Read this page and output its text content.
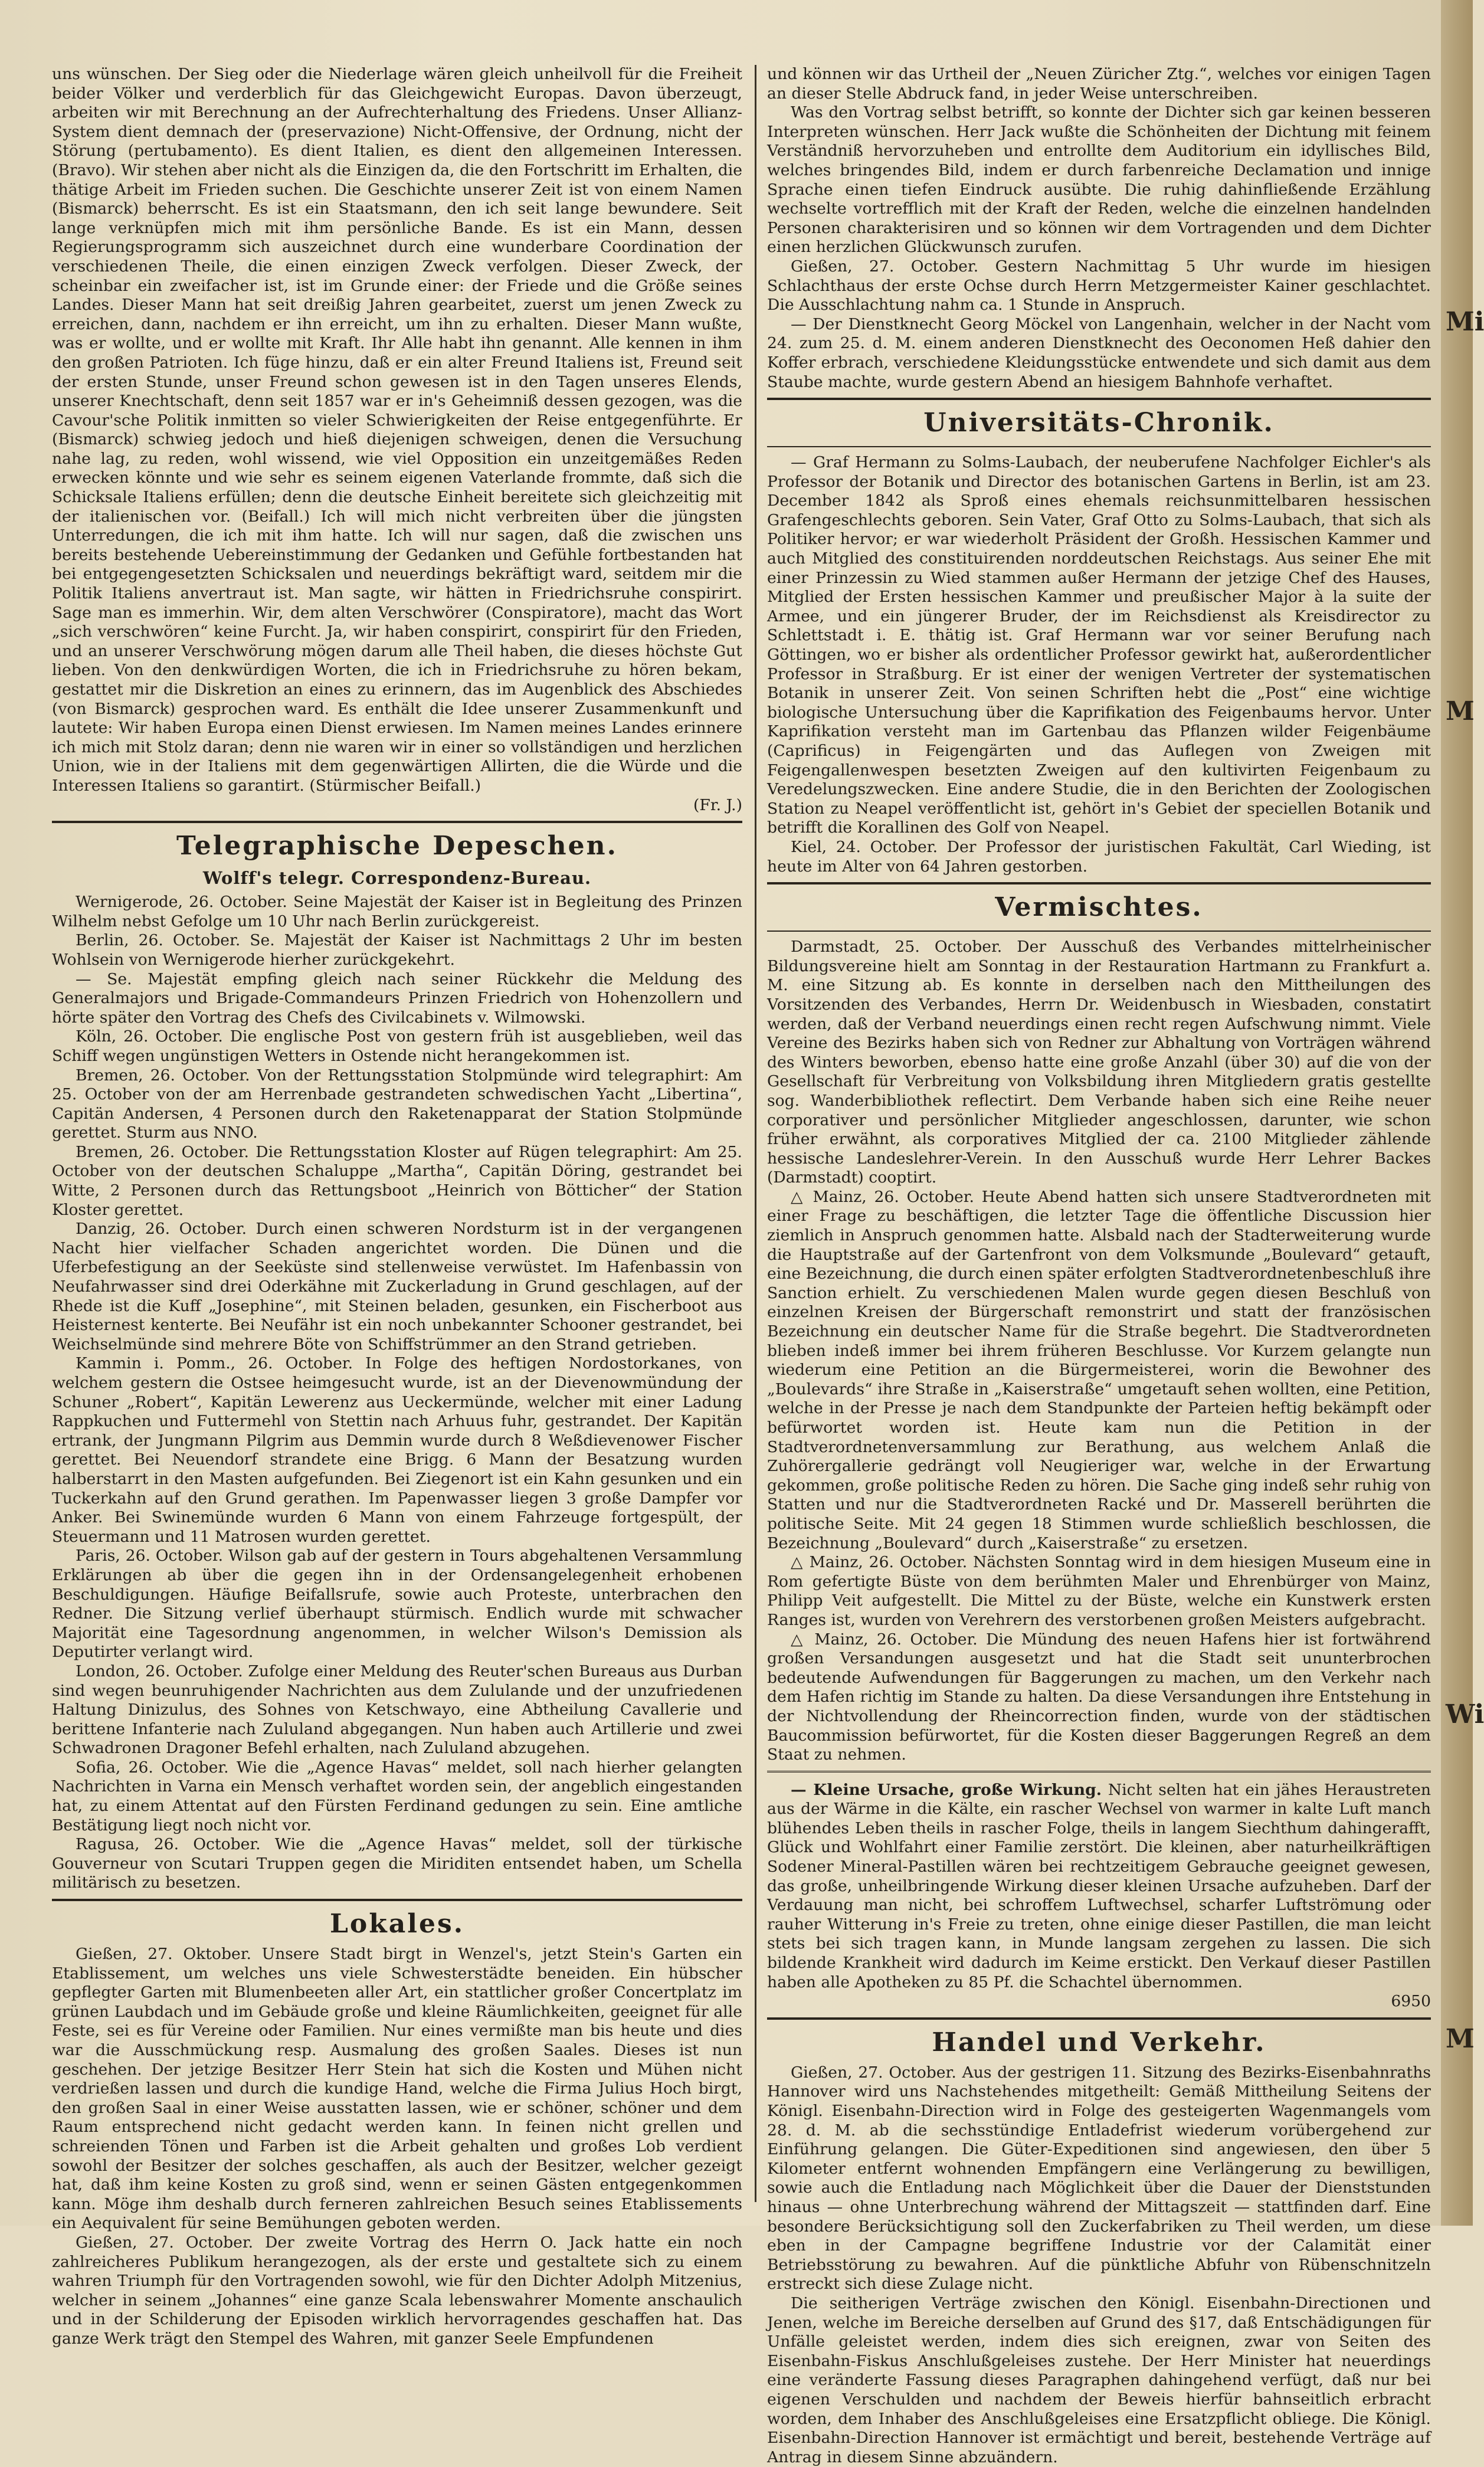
uns wünschen. Der Sieg oder die Niederlage wären gleich unheilvoll für die Freiheit beider Völker und verderblich für das Gleichgewicht Europas. Davon überzeugt, arbeiten wir mit Berechnung an der Aufrechterhaltung des Friedens. Unser Allianz-System dient demnach der (preservazione) Nicht-Offensive, der Ordnung, nicht der Störung (pertubamento). Es dient Italien, es dient den allgemeinen Interessen. (Bravo). Wir stehen aber nicht als die Einzigen da, die den Fortschritt im Erhalten, die thätige Arbeit im Frieden suchen. Die Geschichte unserer Zeit ist von einem Namen (Bismarck) beherrscht. Es ist ein Staatsmann, den ich seit lange bewundere. Seit lange verknüpfen mich mit ihm persönliche Bande. Es ist ein Mann, dessen Regierungsprogramm sich auszeichnet durch eine wunderbare Coordination der verschiedenen Theile, die einen einzigen Zweck verfolgen. Dieser Zweck, der scheinbar ein zweifacher ist, ist im Grunde einer: der Friede und die Größe seines Landes. Dieser Mann hat seit dreißig Jahren gearbeitet, zuerst um jenen Zweck zu erreichen, dann, nachdem er ihn erreicht, um ihn zu erhalten. Dieser Mann wußte, was er wollte, und er wollte mit Kraft. Ihr Alle habt ihn genannt. Alle kennen in ihm den großen Patrioten. Ich füge hinzu, daß er ein alter Freund Italiens ist, Freund seit der ersten Stunde, unser Freund schon gewesen ist in den Tagen unseres Elends, unserer Knechtschaft, denn seit 1857 war er in's Geheimniß dessen gezogen, was die Cavour'sche Politik inmitten so vieler Schwierigkeiten der Reise entgegenführte. Er (Bismarck) schwieg jedoch und hieß diejenigen schweigen, denen die Versuchung nahe lag, zu reden, wohl wissend, wie viel Opposition ein unzeitgemäßes Reden erwecken könnte und wie sehr es seinem eigenen Vaterlande frommte, daß sich die Schicksale Italiens erfüllen; denn die deutsche Einheit bereitete sich gleichzeitig mit der italienischen vor. (Beifall.) Ich will mich nicht verbreiten über die jüngsten Unterredungen, die ich mit ihm hatte. Ich will nur sagen, daß die zwischen uns bereits bestehende Uebereinstimmung der Gedanken und Gefühle fortbestanden hat bei entgegengesetzten Schicksalen und neuerdings bekräftigt ward, seitdem mir die Politik Italiens anvertraut ist. Man sagte, wir hätten in Friedrichsruhe conspirirt. Sage man es immerhin. Wir, dem alten Verschwörer (Conspiratore), macht das Wort „sich verschwören“ keine Furcht. Ja, wir haben conspirirt, conspirirt für den Frieden, und an unserer Verschwörung mögen darum alle Theil haben, die dieses höchste Gut lieben. Von den denkwürdigen Worten, die ich in Friedrichsruhe zu hören bekam, gestattet mir die Diskretion an eines zu erinnern, das im Augenblick des Abschiedes (von Bismarck) gesprochen ward. Es enthält die Idee unserer Zusammenkunft und lautete: Wir haben Europa einen Dienst erwiesen. Im Namen meines Landes erinnere ich mich mit Stolz daran; denn nie waren wir in einer so vollständigen und herzlichen Union, wie in der Italiens mit dem gegenwärtigen Allirten, die die Würde und die Interessen Italiens so garantirt. (Stürmischer Beifall.)

(Fr. J.)
Telegraphische Depeschen.
Wolff's telegr. Correspondenz-Bureau.

Wernigerode, 26. October. Seine Majestät der Kaiser ist in Begleitung des Prinzen Wilhelm nebst Gefolge um 10 Uhr nach Berlin zurückgereist.

Berlin, 26. October. Se. Majestät der Kaiser ist Nachmittags 2 Uhr im besten Wohlsein von Wernigerode hierher zurückgekehrt.

— Se. Majestät empfing gleich nach seiner Rückkehr die Meldung des Generalmajors und Brigade-Commandeurs Prinzen Friedrich von Hohenzollern und hörte später den Vortrag des Chefs des Civilcabinets v. Wilmowski.

Köln, 26. October. Die englische Post von gestern früh ist ausgeblieben, weil das Schiff wegen ungünstigen Wetters in Ostende nicht herangekommen ist.

Bremen, 26. October. Von der Rettungsstation Stolpmünde wird telegraphirt: Am 25. October von der am Herrenbade gestrandeten schwedischen Yacht „Libertina“, Capitän Andersen, 4 Personen durch den Raketenapparat der Station Stolpmünde gerettet. Sturm aus NNO.

Bremen, 26. October. Die Rettungsstation Kloster auf Rügen telegraphirt: Am 25. October von der deutschen Schaluppe „Martha“, Capitän Döring, gestrandet bei Witte, 2 Personen durch das Rettungsboot „Heinrich von Bötticher“ der Station Kloster gerettet.

Danzig, 26. October. Durch einen schweren Nordsturm ist in der vergangenen Nacht hier vielfacher Schaden angerichtet worden. Die Dünen und die Uferbefestigung an der Seeküste sind stellenweise verwüstet. Im Hafenbassin von Neufahrwasser sind drei Oderkähne mit Zuckerladung in Grund geschlagen, auf der Rhede ist die Kuff „Josephine“, mit Steinen beladen, gesunken, ein Fischerboot aus Heisternest kenterte. Bei Neufähr ist ein noch unbekannter Schooner gestrandet, bei Weichselmünde sind mehrere Böte von Schiffstrümmer an den Strand getrieben.

Kammin i. Pomm., 26. October. In Folge des heftigen Nordostorkanes, von welchem gestern die Ostsee heimgesucht wurde, ist an der Dievenowmündung der Schuner „Robert“, Kapitän Lewerenz aus Ueckermünde, welcher mit einer Ladung Rappkuchen und Futtermehl von Stettin nach Arhuus fuhr, gestrandet. Der Kapitän ertrank, der Jungmann Pilgrim aus Demmin wurde durch 8 Weßdievenower Fischer gerettet. Bei Neuendorf strandete eine Brigg. 6 Mann der Besatzung wurden halberstarrt in den Masten aufgefunden. Bei Ziegenort ist ein Kahn gesunken und ein Tuckerkahn auf den Grund gerathen. Im Papenwasser liegen 3 große Dampfer vor Anker. Bei Swinemünde wurden 6 Mann von einem Fahrzeuge fortgespült, der Steuermann und 11 Matrosen wurden gerettet.

Paris, 26. October. Wilson gab auf der gestern in Tours abgehaltenen Versammlung Erklärungen ab über die gegen ihn in der Ordensangelegenheit erhobenen Beschuldigungen. Häufige Beifallsrufe, sowie auch Proteste, unterbrachen den Redner. Die Sitzung verlief überhaupt stürmisch. Endlich wurde mit schwacher Majorität eine Tagesordnung angenommen, in welcher Wilson's Demission als Deputirter verlangt wird.

London, 26. October. Zufolge einer Meldung des Reuter'schen Bureaus aus Durban sind wegen beunruhigender Nachrichten aus dem Zululande und der unzufriedenen Haltung Dinizulus, des Sohnes von Ketschwayo, eine Abtheilung Cavallerie und berittene Infanterie nach Zululand abgegangen. Nun haben auch Artillerie und zwei Schwadronen Dragoner Befehl erhalten, nach Zululand abzugehen.

Sofia, 26. October. Wie die „Agence Havas“ meldet, soll nach hierher gelangten Nachrichten in Varna ein Mensch verhaftet worden sein, der angeblich eingestanden hat, zu einem Attentat auf den Fürsten Ferdinand gedungen zu sein. Eine amtliche Bestätigung liegt noch nicht vor.

Ragusa, 26. October. Wie die „Agence Havas“ meldet, soll der türkische Gouverneur von Scutari Truppen gegen die Miriditen entsendet haben, um Schella militärisch zu besetzen.

Lokales.

Gießen, 27. Oktober. Unsere Stadt birgt in Wenzel's, jetzt Stein's Garten ein Etablissement, um welches uns viele Schwesterstädte beneiden. Ein hübscher gepflegter Garten mit Blumenbeeten aller Art, ein stattlicher großer Concertplatz im grünen Laubdach und im Gebäude große und kleine Räumlichkeiten, geeignet für alle Feste, sei es für Vereine oder Familien. Nur eines vermißte man bis heute und dies war die Ausschmückung resp. Ausmalung des großen Saales. Dieses ist nun geschehen. Der jetzige Besitzer Herr Stein hat sich die Kosten und Mühen nicht verdrießen lassen und durch die kundige Hand, welche die Firma Julius Hoch birgt, den großen Saal in einer Weise ausstatten lassen, wie er schöner, schöner und dem Raum entsprechend nicht gedacht werden kann. In feinen nicht grellen und schreienden Tönen und Farben ist die Arbeit gehalten und großes Lob verdient sowohl der Besitzer der solches geschaffen, als auch der Besitzer, welcher gezeigt hat, daß ihm keine Kosten zu groß sind, wenn er seinen Gästen entgegenkommen kann. Möge ihm deshalb durch ferneren zahlreichen Besuch seines Etablissements ein Aequivalent für seine Bemühungen geboten werden.

Gießen, 27. October. Der zweite Vortrag des Herrn O. Jack hatte ein noch zahlreicheres Publikum herangezogen, als der erste und gestaltete sich zu einem wahren Triumph für den Vortragenden sowohl, wie für den Dichter Adolph Mitzenius, welcher in seinem „Johannes“ eine ganze Scala lebenswahrer Momente anschaulich und in der Schilderung der Episoden wirklich hervorragendes geschaffen hat. Das ganze Werk trägt den Stempel des Wahren, mit ganzer Seele Empfundenen

und können wir das Urtheil der „Neuen Züricher Ztg.“, welches vor einigen Tagen an dieser Stelle Abdruck fand, in jeder Weise unterschreiben.

Was den Vortrag selbst betrifft, so konnte der Dichter sich gar keinen besseren Interpreten wünschen. Herr Jack wußte die Schönheiten der Dichtung mit feinem Verständniß hervorzuheben und entrollte dem Auditorium ein idyllisches Bild, welches bringendes Bild, indem er durch farbenreiche Declamation und innige Sprache einen tiefen Eindruck ausübte. Die ruhig dahinfließende Erzählung wechselte vortrefflich mit der Kraft der Reden, welche die einzelnen handelnden Personen charakterisiren und so können wir dem Vortragenden und dem Dichter einen herzlichen Glückwunsch zurufen.

Gießen, 27. October. Gestern Nachmittag 5 Uhr wurde im hiesigen Schlachthaus der erste Ochse durch Herrn Metzgermeister Kainer geschlachtet. Die Ausschlachtung nahm ca. 1 Stunde in Anspruch.

— Der Dienstknecht Georg Möckel von Langenhain, welcher in der Nacht vom 24. zum 25. d. M. einem anderen Dienstknecht des Oeconomen Heß dahier den Koffer erbrach, verschiedene Kleidungsstücke entwendete und sich damit aus dem Staube machte, wurde gestern Abend an hiesigem Bahnhofe verhaftet.

Universitäts-Chronik.

— Graf Hermann zu Solms-Laubach, der neuberufene Nachfolger Eichler's als Professor der Botanik und Director des botanischen Gartens in Berlin, ist am 23. December 1842 als Sproß eines ehemals reichsunmittelbaren hessischen Grafengeschlechts geboren. Sein Vater, Graf Otto zu Solms-Laubach, that sich als Politiker hervor; er war wiederholt Präsident der Großh. Hessischen Kammer und auch Mitglied des constituirenden norddeutschen Reichstags. Aus seiner Ehe mit einer Prinzessin zu Wied stammen außer Hermann der jetzige Chef des Hauses, Mitglied der Ersten hessischen Kammer und preußischer Major à la suite der Armee, und ein jüngerer Bruder, der im Reichsdienst als Kreisdirector zu Schlettstadt i. E. thätig ist. Graf Hermann war vor seiner Berufung nach Göttingen, wo er bisher als ordentlicher Professor gewirkt hat, außerordentlicher Professor in Straßburg. Er ist einer der wenigen Vertreter der systematischen Botanik in unserer Zeit. Von seinen Schriften hebt die „Post“ eine wichtige biologische Untersuchung über die Kaprifikation des Feigenbaums hervor. Unter Kaprifikation versteht man im Gartenbau das Pflanzen wilder Feigenbäume (Caprificus) in Feigengärten und das Auflegen von Zweigen mit Feigengallenwespen besetzten Zweigen auf den kultivirten Feigenbaum zu Veredelungszwecken. Eine andere Studie, die in den Berichten der Zoologischen Station zu Neapel veröffentlicht ist, gehört in's Gebiet der speciellen Botanik und betrifft die Korallinen des Golf von Neapel.

Kiel, 24. October. Der Professor der juristischen Fakultät, Carl Wieding, ist heute im Alter von 64 Jahren gestorben.

Vermischtes.

Darmstadt, 25. October. Der Ausschuß des Verbandes mittelrheinischer Bildungsvereine hielt am Sonntag in der Restauration Hartmann zu Frankfurt a. M. eine Sitzung ab. Es konnte in derselben nach den Mittheilungen des Vorsitzenden des Verbandes, Herrn Dr. Weidenbusch in Wiesbaden, constatirt werden, daß der Verband neuerdings einen recht regen Aufschwung nimmt. Viele Vereine des Bezirks haben sich von Redner zur Abhaltung von Vorträgen während des Winters beworben, ebenso hatte eine große Anzahl (über 30) auf die von der Gesellschaft für Verbreitung von Volksbildung ihren Mitgliedern gratis gestellte sog. Wanderbibliothek reflectirt. Dem Verbande haben sich eine Reihe neuer corporativer und persönlicher Mitglieder angeschlossen, darunter, wie schon früher erwähnt, als corporatives Mitglied der ca. 2100 Mitglieder zählende hessische Landeslehrer-Verein. In den Ausschuß wurde Herr Lehrer Backes (Darmstadt) cooptirt.

△ Mainz, 26. October. Heute Abend hatten sich unsere Stadtverordneten mit einer Frage zu beschäftigen, die letzter Tage die öffentliche Discussion hier ziemlich in Anspruch genommen hatte. Alsbald nach der Stadterweiterung wurde die Hauptstraße auf der Gartenfront von dem Volksmunde „Boulevard“ getauft, eine Bezeichnung, die durch einen später erfolgten Stadtverordnetenbeschluß ihre Sanction erhielt. Zu verschiedenen Malen wurde gegen diesen Beschluß von einzelnen Kreisen der Bürgerschaft remonstrirt und statt der französischen Bezeichnung ein deutscher Name für die Straße begehrt. Die Stadtverordneten blieben indeß immer bei ihrem früheren Beschlusse. Vor Kurzem gelangte nun wiederum eine Petition an die Bürgermeisterei, worin die Bewohner des „Boulevards“ ihre Straße in „Kaiserstraße“ umgetauft sehen wollten, eine Petition, welche in der Presse je nach dem Standpunkte der Parteien heftig bekämpft oder befürwortet worden ist. Heute kam nun die Petition in der Stadtverordnetenversammlung zur Berathung, aus welchem Anlaß die Zuhörergallerie gedrängt voll Neugieriger war, welche in der Erwartung gekommen, große politische Reden zu hören. Die Sache ging indeß sehr ruhig von Statten und nur die Stadtverordneten Racké und Dr. Masserell berührten die politische Seite. Mit 24 gegen 18 Stimmen wurde schließlich beschlossen, die Bezeichnung „Boulevard“ durch „Kaiserstraße“ zu ersetzen.

△ Mainz, 26. October. Nächsten Sonntag wird in dem hiesigen Museum eine in Rom gefertigte Büste von dem berühmten Maler und Ehrenbürger von Mainz, Philipp Veit aufgestellt. Die Mittel zu der Büste, welche ein Kunstwerk ersten Ranges ist, wurden von Verehrern des verstorbenen großen Meisters aufgebracht.

△ Mainz, 26. October. Die Mündung des neuen Hafens hier ist fortwährend großen Versandungen ausgesetzt und hat die Stadt seit ununterbrochen bedeutende Aufwendungen für Baggerungen zu machen, um den Verkehr nach dem Hafen richtig im Stande zu halten. Da diese Versandungen ihre Entstehung in der Nichtvollendung der Rheincorrection finden, wurde von der städtischen Baucommission befürwortet, für die Kosten dieser Baggerungen Regreß an dem Staat zu nehmen.

— Kleine Ursache, große Wirkung. Nicht selten hat ein jähes Heraustreten aus der Wärme in die Kälte, ein rascher Wechsel von warmer in kalte Luft manch blühendes Leben theils in rascher Folge, theils in langem Siechthum dahingerafft, Glück und Wohlfahrt einer Familie zerstört. Die kleinen, aber naturheilkräftigen Sodener Mineral-Pastillen wären bei rechtzeitigem Gebrauche geeignet gewesen, das große, unheilbringende Wirkung dieser kleinen Ursache aufzuheben. Darf der Verdauung man nicht, bei schroffem Luftwechsel, scharfer Luftströmung oder rauher Witterung in's Freie zu treten, ohne einige dieser Pastillen, die man leicht stets bei sich tragen kann, in Munde langsam zergehen zu lassen. Die sich bildende Krankheit wird dadurch im Keime erstickt. Den Verkauf dieser Pastillen haben alle Apotheken zu 85 Pf. die Schachtel übernommen.

6950
Handel und Verkehr.

Gießen, 27. October. Aus der gestrigen 11. Sitzung des Bezirks-Eisenbahnraths Hannover wird uns Nachstehendes mitgetheilt: Gemäß Mittheilung Seitens der Königl. Eisenbahn-Direction wird in Folge des gesteigerten Wagenmangels vom 28. d. M. ab die sechsstündige Entladefrist wiederum vorübergehend zur Einführung gelangen. Die Güter-Expeditionen sind angewiesen, den über 5 Kilometer entfernt wohnenden Empfängern eine Verlängerung zu bewilligen, sowie auch die Entladung nach Möglichkeit über die Dauer der Dienststunden hinaus — ohne Unterbrechung während der Mittagszeit — stattfinden darf. Eine besondere Berücksichtigung soll den Zuckerfabriken zu Theil werden, um diese eben in der Campagne begriffene Industrie vor der Calamität einer Betriebsstörung zu bewahren. Auf die pünktliche Abfuhr von Rübenschnitzeln erstreckt sich diese Zulage nicht.

Die seitherigen Verträge zwischen den Königl. Eisenbahn-Directionen und Jenen, welche im Bereiche derselben auf Grund des §17, daß Entschädigungen für Unfälle geleistet werden, indem dies sich ereignen, zwar von Seiten des Eisenbahn-Fiskus Anschlußgeleises zustehe. Der Herr Minister hat neuerdings eine veränderte Fassung dieses Paragraphen dahingehend verfügt, daß nur bei eigenen Verschulden und nachdem der Beweis hierfür bahnseitlich erbracht worden, dem Inhaber des Anschlußgeleises eine Ersatzpflicht obliege. Die Königl. Eisenbahn-Direction Hannover ist ermächtigt und bereit, bestehende Verträge auf Antrag in diesem Sinne abzuändern.

Mi
M
Wi
M
